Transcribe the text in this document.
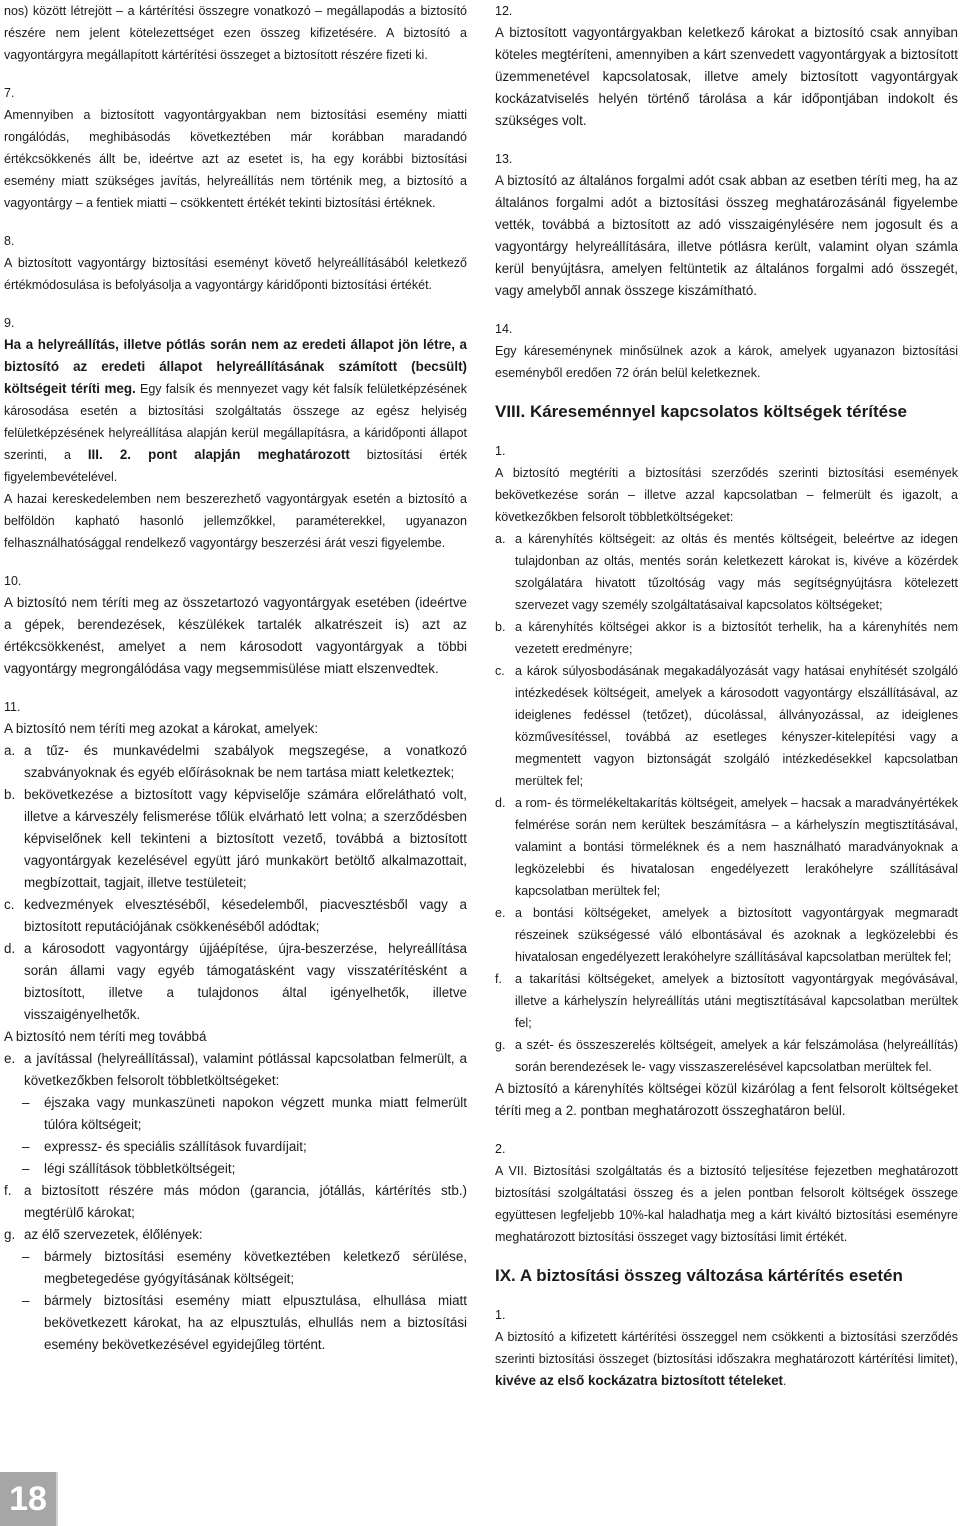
nos) között létrejött – a kártérítési összegre vonatkozó – megállapodás a biztosító részére nem jelent kötelezettséget ezen összeg kifizetésére. A biztosító a vagyontárgyra megállapított kártérítési összeget a biztosított részére fizeti ki.

7.

Amennyiben a biztosított vagyontárgyakban nem biztosítási esemény miatti rongálódás, meghibásodás következtében már korábban maradandó értékcsökkenés állt be, ideértve azt az esetet is, ha egy korábbi biztosítási esemény miatt szükséges javítás, helyreállítás nem történik meg, a biztosító a vagyontárgy – a fentiek miatti – csökkentett értékét tekinti biztosítási értéknek.

8.

A biztosított vagyontárgy biztosítási eseményt követő helyreállításából keletkező értékmódosulása is befolyásolja a vagyontárgy káridőponti biztosítási értékét.

9.

Ha a helyreállítás, illetve pótlás során nem az eredeti állapot jön létre, a biztosító az eredeti állapot helyreállításának számított (becsült) költségeit téríti meg. Egy falsík és mennyezet vagy két falsík felületképzésének károsodása esetén a biztosítási szolgáltatás összege az egész helyiség felületképzésének helyreállítása alapján kerül megállapításra, a káridőponti állapot szerinti, a III. 2. pont alapján meghatározott biztosítási érték figyelembevételével.

A hazai kereskedelemben nem beszerezhető vagyontárgyak esetén a biztosító a belföldön kapható hasonló jellemzőkkel, paraméterekkel, ugyanazon felhasználhatósággal rendelkező vagyontárgy beszerzési árát veszi figyelembe.

10.

A biztosító nem téríti meg az összetartozó vagyontárgyak esetében (ideértve a gépek, berendezések, készülékek tartalék alkatrészeit is) azt az értékcsökkenést, amelyet a nem károsodott vagyontárgyak a többi vagyontárgy megrongálódása vagy megsemmisülése miatt elszenvedtek.

11.

A biztosító nem téríti meg azokat a károkat, amelyek:

a. a tűz- és munkavédelmi szabályok megszegése, a vonatkozó szabványoknak és egyéb előírásoknak be nem tartása miatt keletkeztek;
b. bekövetkezése a biztosított vagy képviselője számára előrelátható volt, illetve a kárveszély felismerése tőlük elvárható lett volna; a szerződésben képviselőnek kell tekinteni a biztosított vezető, továbbá a biztosított vagyontárgyak kezelésével együtt járó munkakört betöltő alkalmazottait, megbízottait, tagjait, illetve testületeit;
c. kedvezmények elvesztéséből, késedelemből, piacvesztésből vagy a biztosított reputációjának csökkenéséből adódtak;
d. a károsodott vagyontárgy újjáépítése, újra-beszerzése, helyreállítása során állami vagy egyéb támogatásként vagy visszatérítésként a biztosított, illetve a tulajdonos által igényelhetők, illetve visszaigényelhetők.

A biztosító nem téríti meg továbbá

e. a javítással (helyreállítással), valamint pótlással kapcsolatban felmerült, a következőkben felsorolt többletköltségeket:
– éjszaka vagy munkaszüneti napokon végzett munka miatt felmerült túlóra költségeit;
– expressz- és speciális szállítások fuvardíjait;
– légi szállítások többletköltségeit;
f. a biztosított részére más módon (garancia, jótállás, kártérítés stb.) megtérülő károkat;
g. az élő szervezetek, élőlények:
– bármely biztosítási esemény következtében keletkező sérülése, megbetegedése gyógyításának költségeit;
– bármely biztosítási esemény miatt elpusztulása, elhullása miatt bekövetkezett károkat, ha az elpusztulás, elhullás nem a biztosítási esemény bekövetkezésével egyidejűleg történt.

12.

A biztosított vagyontárgyakban keletkező károkat a biztosító csak annyiban köteles megtéríteni, amennyiben a kárt szenvedett vagyontárgyak a biztosított üzemmenetével kapcsolatosak, illetve amely biztosított vagyontárgyak kockázatviselés helyén történő tárolása a kár időpontjában indokolt és szükséges volt.

13.

A biztosító az általános forgalmi adót csak abban az esetben téríti meg, ha az általános forgalmi adót a biztosítási összeg meghatározásánál figyelembe vették, továbbá a biztosított az adó visszaigénylésére nem jogosult és a vagyontárgy helyreállítására, illetve pótlásra került, valamint olyan számla kerül benyújtásra, amelyen feltüntetik az általános forgalmi adó összegét, vagy amelyből annak összege kiszámítható.

14.

Egy káreseménynek minősülnek azok a károk, amelyek ugyanazon biztosítási eseményből eredően 72 órán belül keletkeznek.

VIII. Káreseménnyel kapcsolatos költségek térítése

1.

A biztosító megtéríti a biztosítási szerződés szerinti biztosítási események bekövetkezése során – illetve azzal kapcsolatban – felmerült és igazolt, a következőkben felsorolt többletköltségeket:

a. a kárenyhítés költségeit: az oltás és mentés költségeit, beleértve az idegen tulajdonban az oltás, mentés során keletkezett károkat is, kivéve a közérdek szolgálatára hivatott tűzoltóság vagy más segítségnyújtásra kötelezett szervezet vagy személy szolgáltatásaival kapcsolatos költségeket;
b. a kárenyhítés költségei akkor is a biztosítót terhelik, ha a kárenyhítés nem vezetett eredményre;
c. a károk súlyosbodásának megakadályozását vagy hatásai enyhítését szolgáló intézkedések költségeit, amelyek a károsodott vagyontárgy elszállításával, az ideiglenes fedéssel (tetőzet), dúcolással, állványozással, az ideiglenes közművesítéssel, továbbá az esetleges kényszer-kitelepítési vagy a megmentett vagyon biztonságát szolgáló intézkedésekkel kapcsolatban merültek fel;
d. a rom- és törmelékeltakarítás költségeit, amelyek – hacsak a maradványértékek felmérése során nem kerültek beszámításra – a kárhelyszín megtisztításával, valamint a bontási törmeléknek és a nem használható maradványoknak a legközelebbi és hivatalosan engedélyezett lerakóhelyre szállításával kapcsolatban merültek fel;
e. a bontási költségeket, amelyek a biztosított vagyontárgyak megmaradt részeinek szükségessé váló elbontásával és azoknak a legközelebbi és hivatalosan engedélyezett lerakóhelyre szállításával kapcsolatban merültek fel;
f. a takarítási költségeket, amelyek a biztosított vagyontárgyak megóvásával, illetve a kárhelyszín helyreállítás utáni megtisztításával kapcsolatban merültek fel;
g. a szét- és összeszerelés költségeit, amelyek a kár felszámolása (helyreállítás) során berendezések le- vagy visszaszerelésével kapcsolatban merültek fel.

A biztosító a kárenyhítés költségei közül kizárólag a fent felsorolt költségeket téríti meg a 2. pontban meghatározott összeghatáron belül.

2.

A VII. Biztosítási szolgáltatás és a biztosító teljesítése fejezetben meghatározott biztosítási szolgáltatási összeg és a jelen pontban felsorolt költségek összege együttesen legfeljebb 10%-kal haladhatja meg a kárt kiváltó biztosítási eseményre meghatározott biztosítási összeget vagy biztosítási limit értékét.

IX. A biztosítási összeg változása kártérítés esetén

1.

A biztosító a kifizetett kártérítési összeggel nem csökkenti a biztosítási szerződés szerinti biztosítási összeget (biztosítási időszakra meghatározott kártérítési limitet), kivéve az első kockázatra biztosított tételeket.

18
